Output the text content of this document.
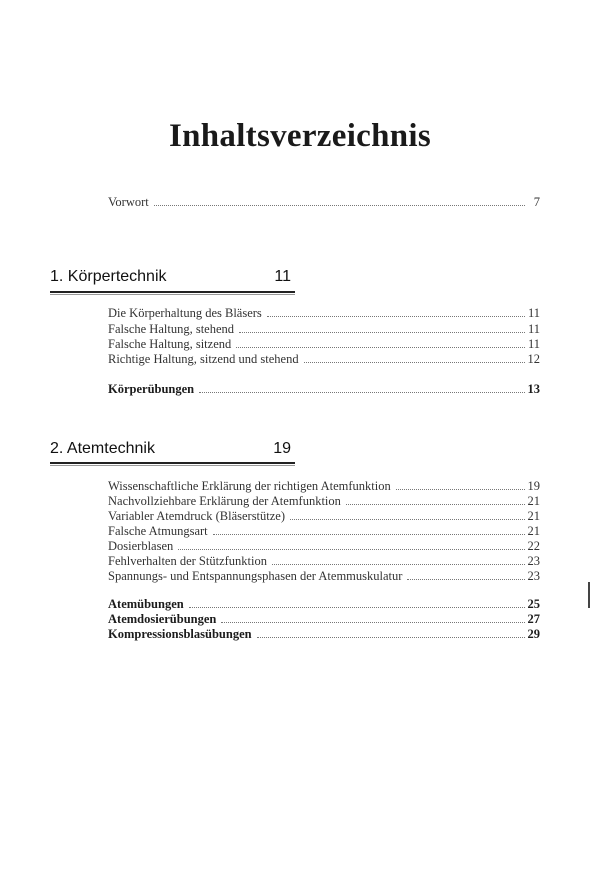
Inhaltsverzeichnis
Vorwort	7
1. Körpertechnik	11
Die Körperhaltung des Bläsers	11
Falsche Haltung, stehend	11
Falsche Haltung, sitzend	11
Richtige Haltung, sitzend und stehend	12
Körperübungen	13
2. Atemtechnik	19
Wissenschaftliche Erklärung der richtigen Atemfunktion	19
Nachvollziehbare Erklärung der Atemfunktion	21
Variabler Atemdruck (Bläserstütze)	21
Falsche Atmungsart	21
Dosierblasen	22
Fehlverhalten der Stützfunktion	23
Spannungs- und Entspannungsphasen der Atemmuskulatur	23
Atemübungen	25
Atemdosierübungen	27
Kompressionsblasübungen	29
